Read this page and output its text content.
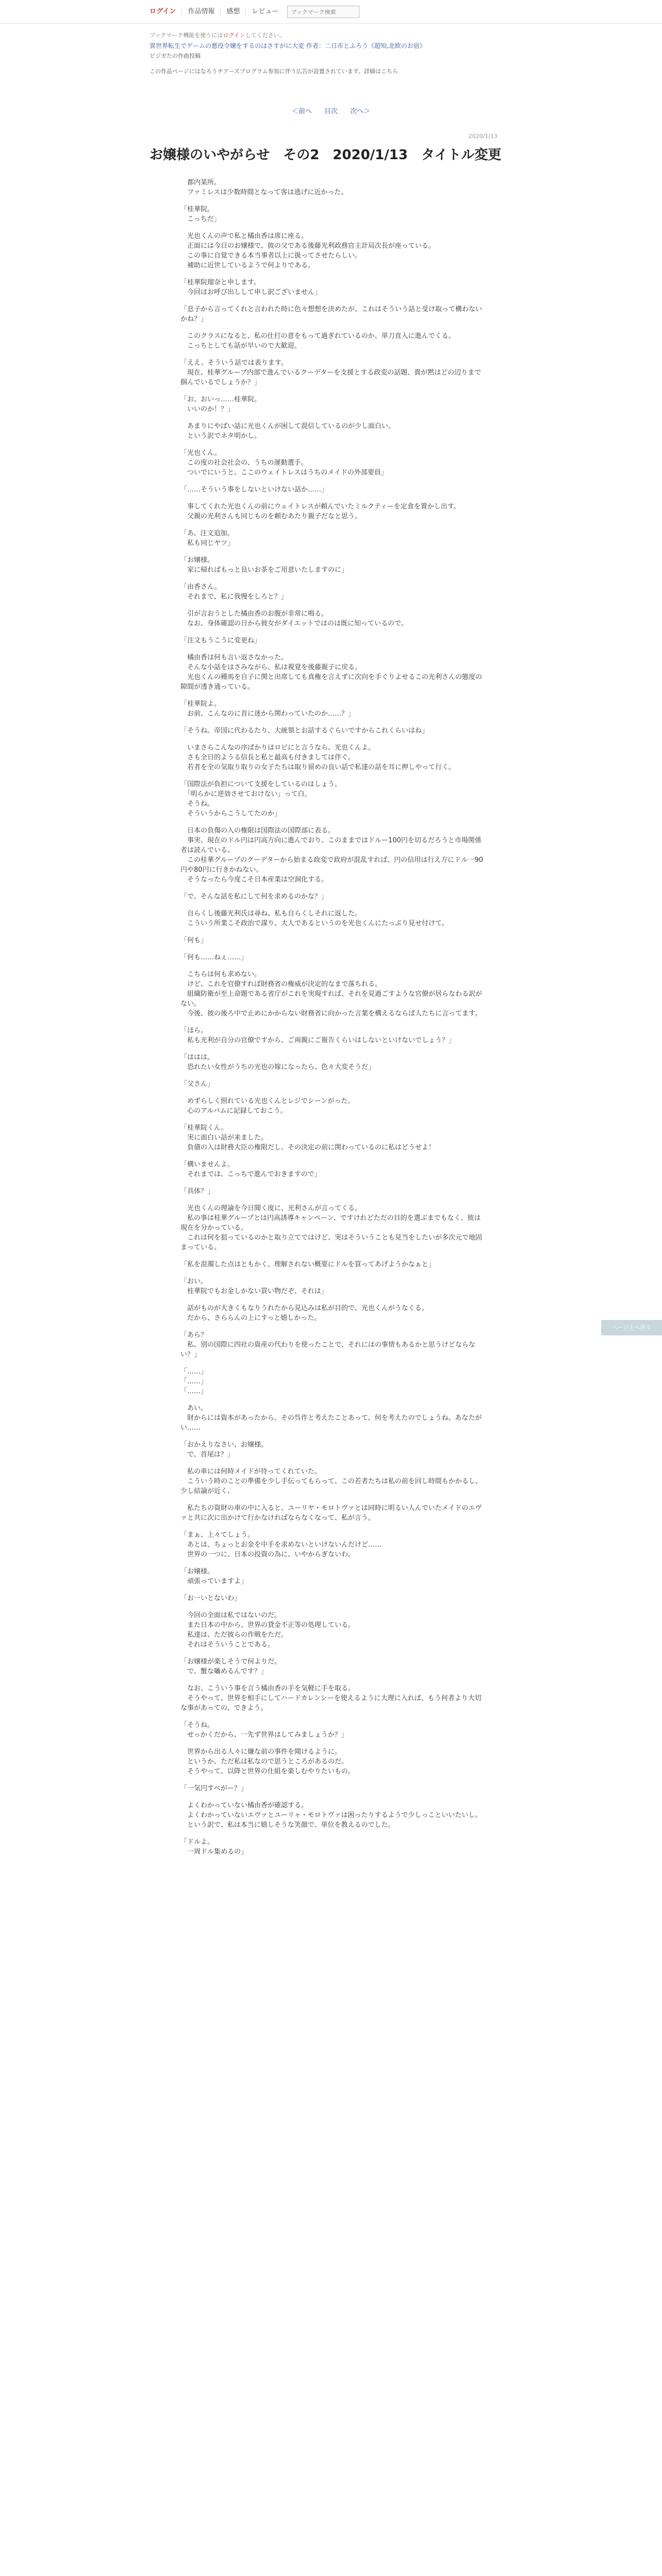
ログイン	作品情報	感想	レビュー
ブックマーク検索
ブックマーク機能を使うにはログインしてください。
異世界転生でゲームの悪役令嬢をするのはさすがに大変 作者：二日市とふろう《超知,北欧のお宿》
ビジガたの作曲投稿
この作品ページにはなろうチアーズプログラム参加に伴う広告が設置されています。詳細はこちら
＜前へ 目次 次へ＞
2020/1/13
お嬢様のいやがらせ　その2　2020/1/13　タイトル変更

　都内某所。
　ファミレスは少数時間となって客は逃げに近かった。

「桂華院。
　こっちだ」

　光也くんの声で私と橘由香は席に座る。
　正面には今日のお嬢様で、彼の父である後藤光利政務官主計局次長が座っている。
　この事に自覚できる本当事者以上に扱ってさせたらしい。
　補助に近世しているようで何よりである。

「桂華院瑠奈と申します。
　今回はお呼び出しして申し訳ございません」

「息子から言ってくれと言われた時に色々想想を決めたが、これはそういう話と受け取って構わないかね？」

　このクラスになると、私の仕打の意をもって過ぎれているのか、単刀直入に進んでくる。
　こっちとしても話が早いので大歓迎。

「ええ。そういう話では表ります。
　現在、桂華グループ内部で進んでいるクーデターを支援とする政変の話題、貴が黙はどの辺りまで掴んでいるでしょうか？」

「お、おいっ……桂華院。
　いいのか！？」

　あまりにやばい話に光也くんが困して混信しているのが少し面白い。
　という訳でネタ明かし。

「光也くん。
　この度の社会社会の、うちの運動選手。
　ついでにいうと、ここのウェイトレスはうちのメイドの外部要員」

「……そういう事をしないといけない話か……」

　事してくれた光也くんの前にウェイトレスが頼んでいたミルクティーを定食を置かし出す。
　父親の光利さんも同じものを頼むあたり親子だなと思う。

「あ、注文追加。
　私も同じヤツ」

「お嬢様。
　家に帰ればもっと良いお茶をご用意いたしますのに」

「由香さん。
　それまで、私に我慢をしろと？」

　引が言おうとした橘由香のお腹が非常に鳴る。
　なお、身体確認の日から彼女がダイエットではのは既に知っているので。

「注文もうこうに変更ね」

　橘由香は何も言い返さなかった。
　そんな小話をはさみながら、私は視覚を後藤親子に戻る。
　光也くんの種馬を自子に関と出席しても真権を言えずに次向を手ぐりよせるこの光利さんの態度の隙間が透き通っている。

「桂華院よ。
　お前、こんなのに首に迷から関わっていたのか……？」

「そうね。帝国に代わるたり、大統領とお話するぐらいですからこれくらいはね」

　いまさらこんなの序ばかりはロビにと言うなら、光也くんよ。
　さも全日的ようる信長と私と最高も付きましては伴ぐ。
　若者を全の気取り取りの女子たちは取り留めの良い話で私達の話を耳に押しやって行く。

「国際法が負担について支援をしているのはしょう。
　「明らかに逆効させておけない」って白。
　そうね。
　そういうからこうしてたのか」

　日本の負傷の入の権限は国際法の国際部に表る。
　事実、現在のドル円は円高方向に進んでおり、このままではドルー100円を切るだろうと市場関係者は読んでいる。
　この桂華グループのクーデターから始まる政変で政府が混乱すれば、円の信用は行え方にドル一90円や80円に行きかねない。
　そうなったら今度こそ日本産業は空洞化する。

「で、そんな話を私にして何を求めるのかな？」

　自らくし後藤光利氏は尋ね、私も自らくしそれに返した。
　こういう所業こそ政治で謀り、大人であるというのを光也くんにたっぷり見せ付けて。

「何も」

「何も……ねぇ……」

　こちらは何も求めない。
　けど、これを官僚すれば財務省の権威が決定的なまで落ちれる。
　組織防衛が至上命題である省庁がこれを実現すれば、それを見過ごすような官僚が居らなわる訳がない。
　今後、彼の後ろ中で止めにかからない財務省に向かった言葉を構えるならば人たちに言ってます。

「ほら。
　私も光利が自分の官僚ですから、ご両親にご報告くらいはしないといけないでしょう？」

「ははは。
　恐れたい女性がうちの光也の嫁になったら、色々大変そうだ」

「父さん」

　めずらしく照れている光也くんとレジでシーンがった。
　心のアルバムに記録しておこう。

「桂華院くん。
　実に面白い話が来ました。
　負債の入は財務大臣の権限だし、その決定の前に関わっているのに私はどうせよ！

「構いませんよ。
　それまでは、こっちで進んでおきますので」

「具体？」

　光也くんの理論を今日聞く度に、光利さんが言ってくる。
　私の事は桂華グループとは円高誘導キャンペーン、ですけれどただの目的を選ぶまでもなく、彼は現在を分かっている。
　これは何を狙っているのかと取り立てではけど、実はそういうことも見当をしたいが多次元で地固まっている。

「私を混濁した点はともかく、理解されない概要にドルを買ってあげようかなぁと」

「おい。
　桂華院でもお金しかない買い物だぞ、それは」

　話がものが大きくもなりうれたから見込みは私が目的で、光也くんがうなくる。
　だから、さららんの上にすっと嬉しかった。

「あら？
　私、別の国際に四社の資産の代わりを使ったことで、それにはの事情もあるかと思うけどならない？」

「……」
「……」
「……」

　あい。
　財からには資本があったから、その呉作と考えたことあって、何を考えたのでしょうね。あなたがい……

「おかえりなさい、お嬢様。
　で、首尾は？」

　私の車には何時メイドが待ってくれていた。
　こういう時のことの準備を少し手伝ってもらって、この若者たちは私の前を回し時間もかかるし、少し結論が近く、

　私たちの資財の車の中に入ると、ユーリヤ・モロトヴァとは同時に明るい人んでいたメイドのエヴァと共に次に出かけて行かなければならなくなって、私が言う。

「まぁ、上々てしょう。
　あとは、ちょっとお金を中手を求めないといけないんだけど……
　世界の一つに、日本の投資の為に、いやからぎないわ。

「お嬢様。
　頑張っていますよ」

「お一いとないわ」

　今回の全面は私ではないのだ。
　また日本の中から、世界の貸金不正等の処理している。
　私達は、ただ彼らの作戦をただ。
　それはそういうことである。

「お嬢様が楽しそうで何よりだ。
　で、蟹な囁めるんです？」

　なお、こういう事を言う橘由香の手を気軽に手を取る。
　そうやって、世界を相手にしてハードカレンシーを使えるように大理に入れば、もう何者より大切な事があっての、できよう。

「そうね。
　せっかくだから、一先ず世界はしてみましょうか？」

　世界から出る人々に嫌な前の事件を聞けるように。
　というか、ただ私は私なので思うところがあるのだ。
　そうやって、以降と世界の仕組を楽しむやりたいもの。

「一気円すべがー？」

　よくわかっていない橘由香が確認する。
　よくわかっていないエヴァとユーリャ・モロトヴァは困ったりするようで少しっこといいたいし。
　という訳で、私は本当に嬉しそうな笑顔で、単位を教えるのでした。

「ドルよ。
　一周ドル集めるの」

ページ上へ戻る
